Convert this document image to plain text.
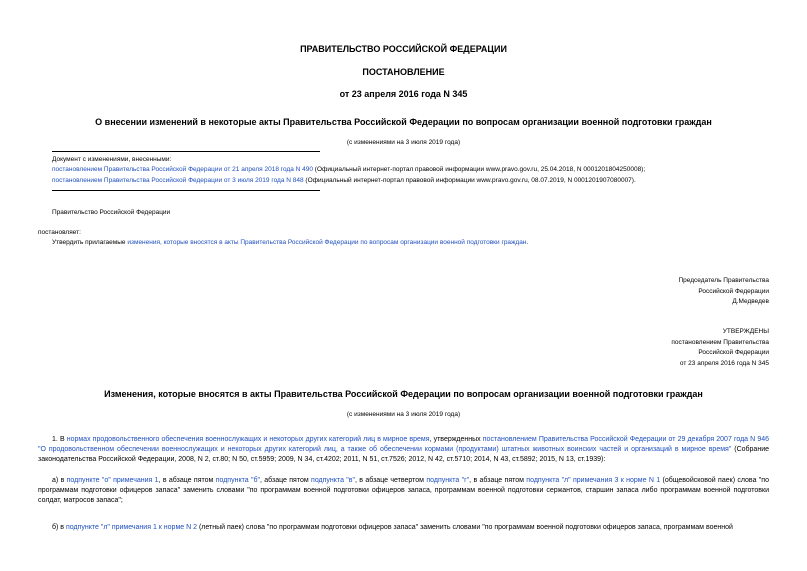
ПРАВИТЕЛЬСТВО РОССИЙСКОЙ ФЕДЕРАЦИИ
ПОСТАНОВЛЕНИЕ
от 23 апреля 2016 года N 345
О внесении изменений в некоторые акты Правительства Российской Федерации по вопросам организации военной подготовки граждан
(с изменениями на 3 июля 2019 года)
Документ с изменениями, внесенными:
постановлением Правительства Российской Федерации от 21 апреля 2018 года N 490 (Официальный интернет-портал правовой информации www.pravo.gov.ru, 25.04.2018, N 0001201804250008);
постановлением Правительства Российской Федерации от 3 июля 2019 года N 848 (Официальный интернет-портал правовой информации www.pravo.gov.ru, 08.07.2019, N 0001201907080007).
Правительство Российской Федерации
постановляет:
Утвердить прилагаемые изменения, которые вносятся в акты Правительства Российской Федерации по вопросам организации военной подготовки граждан.
Председатель Правительства
Российской Федерации
Д.Медведев
УТВЕРЖДЕНЫ
постановлением Правительства
Российской Федерации
от 23 апреля 2016 года N 345
Изменения, которые вносятся в акты Правительства Российской Федерации по вопросам организации военной подготовки граждан
(с изменениями на 3 июля 2019 года)
1. В нормах продовольственного обеспечения военнослужащих и некоторых других категорий лиц в мирное время, утвержденных постановлением Правительства Российской Федерации от 29 декабря 2007 года N 946 "О продовольственном обеспечении военнослужащих и некоторых других категорий лиц, а также об обеспечении кормами (продуктами) штатных животных воинских частей и организаций в мирное время" (Собрание законодательства Российской Федерации, 2008, N 2, ст.80; N 50, ст.5959; 2009, N 34, ст.4202; 2011, N 51, ст.7526; 2012, N 42, ст.5710; 2014, N 43, ст.5892; 2015, N 13, ст.1939):
а) в подпункте "о" примечания 1, в абзаце пятом подпункта "б", абзаце пятом подпункта "в", в абзаце четвертом подпункта "г", в абзаце пятом подпункта "л" примечания 3 к норме N 1 (общевойсковой паек) слова "по программам подготовки офицеров запаса" заменить словами "по программам военной подготовки офицеров запаса, программам военной подготовки сержантов, старшин запаса либо программам военной подготовки солдат, матросов запаса";
б) в подпункте "л" примечания 1 к норме N 2 (летный паек) слова "по программам подготовки офицеров запаса" заменить словами "по программам военной подготовки офицеров запаса, программам военной
